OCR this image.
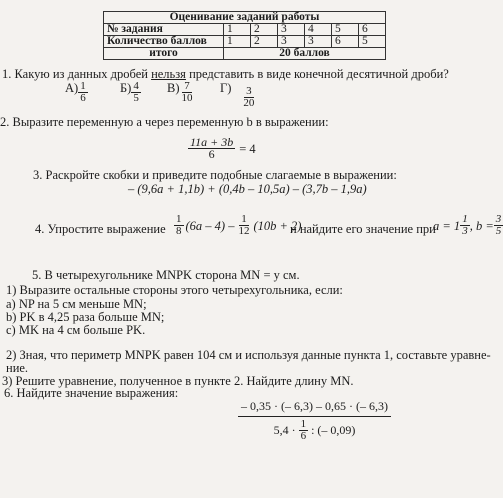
Оценивание заданий работы						
№ задания	1	2	3	4	5	6
Количество баллов	1	2	3	3	6	5
итого	20 баллов					
1. Какую из данных дробей нельзя представить в виде конечной десятичной дроби?
$А) \frac{1}{6}$	$Б) \frac{4}{5} В) \frac{7}{10} Г) \frac{3}{20}$
2. Выразите переменную a через переменную b в выражении:
$\frac{11a + 3b}{6} = 4$
3. Раскройте скобки и приведите подобные слагаемые в выражении:
– (9,6a + 1,1b) + (0,4b – 10,5a) – (3,7b – 1,9a)
4. Упростите выражение $\frac{1}{8} (6a - 4) - \frac{1}{12} (10b + 2)$
и найдите его значение при
$a = 1 \frac{1}{3}$ , $b = \frac{3}{5}$
5. В четырехугольнике MNPK сторона MN = y см.
1) Выразите остальные стороны этого четырехугольника, если:
а) NP на 5 см меньше MN;
b) PK в 4,25 раза больше MN;
c) MK на 4 см больше PK.
2) Зная, что периметр MNPK равен 104 см и используя данные пункта 1, составьте уравне-
ние.
3) Решите уравнение, полученное в пункте 2. Найдите длину MN.
6. Найдите значение выражения:
– 0,35 · (– 6,3) – 0,65 · (– 6,3)
$5,4 \cdot \frac{1}{6}$ : (– 0,09)
